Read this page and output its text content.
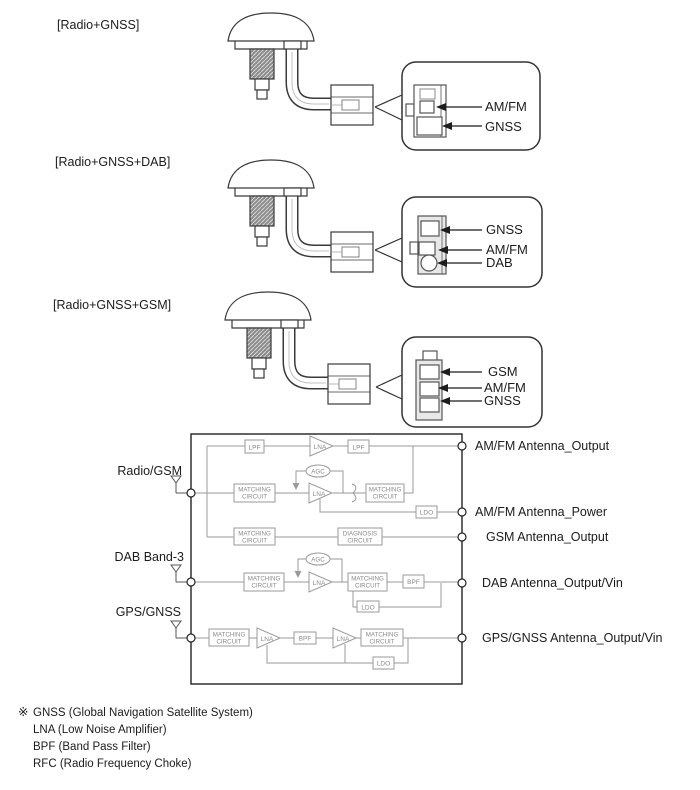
[Radio+GNSS]
[Radio+GNSS+DAB]
[Radio+GNSS+GSM]
AM/FM
GNSS
GNSS
AM/FM
DAB
GSM
AM/FM
GNSS
LPF	LNA	LPF
MATCHING
CIRCUIT
AGC
LNA
MATCHING
CIRCUIT
LDO
MATCHING
CIRCUIT
DIAGNOSIS
CIRCUIT
MATCHING
CIRCUIT
AGC
LNA
MATCHING
CIRCUIT	BPF
LDO
MATCHING
CIRCUIT	LNA	BPF	LNA
MATCHING
CIRCUIT
LDO
Radio/GSM
DAB Band-3
GPS/GNSS
AM/FM Antenna_Output
AM/FM Antenna_Power
GSM Antenna_Output
DAB Antenna_Output/Vin
GPS/GNSS Antenna_Output/Vin
※ GNSS (Global Navigation Satellite System)
LNA (Low Noise Amplifier)
BPF (Band Pass Filter)
RFC (Radio Frequency Choke)
